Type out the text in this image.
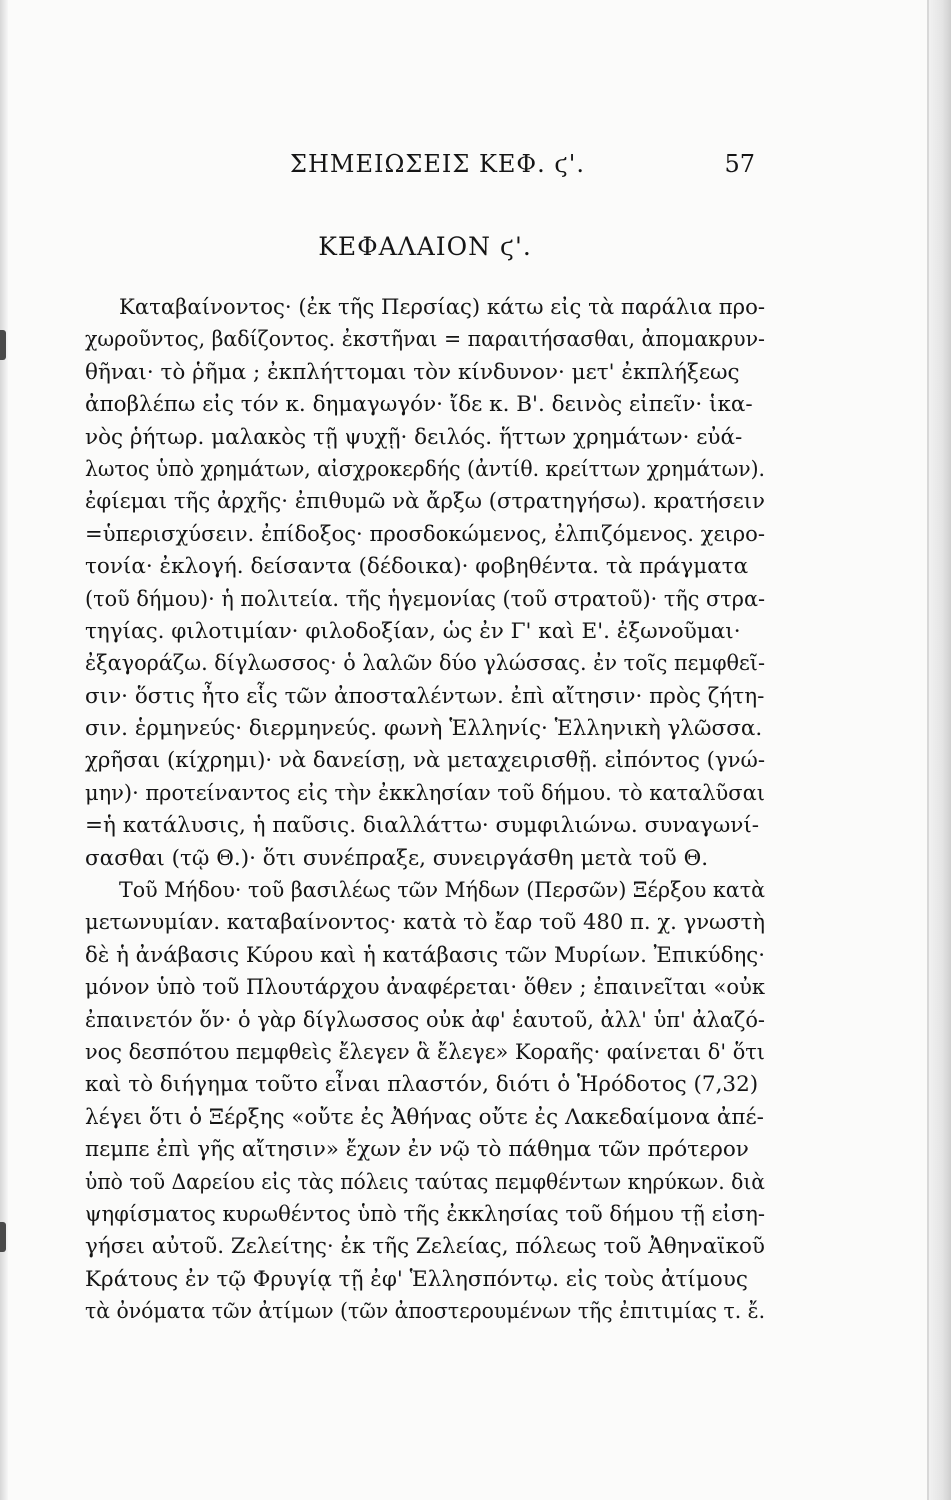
ΣΗΜΕΙΩΣΕΙΣ ΚΕΦ. ϛ'.	57
ΚΕΦΑΛΑΙΟΝ ϛ'.
Καταβαίνοντος· (ἐκ τῆς Περσίας) κάτω εἰς τὰ παράλια προ-
χωροῦντος, βαδίζοντος. ἐκστῆναι = παραιτήσασθαι, ἀπομακρυν-
θῆναι· τὸ ῥῆμα ; ἐκπλήττομαι τὸν κίνδυνον· μετ' ἐκπλήξεως
ἀποβλέπω εἰς τόν κ. δημαγωγόν· ἴδε κ. Β'. δεινὸς εἰπεῖν· ἱκα-
νὸς ῥήτωρ. μαλακὸς τῇ ψυχῇ· δειλός. ἥττων χρημάτων· εὐά-
λωτος ὑπὸ χρημάτων, αἰσχροκερδής (ἀντίθ. κρείττων χρημάτων).
ἐφίεμαι τῆς ἀρχῆς· ἐπιθυμῶ νὰ ἄρξω (στρατηγήσω). κρατήσειν
=ὑπερισχύσειν. ἐπίδοξος· προσδοκώμενος, ἐλπιζόμενος. χειρο-
τονία· ἐκλογή. δείσαντα (δέδοικα)· φοβηθέντα. τὰ πράγματα
(τοῦ δήμου)· ἡ πολιτεία. τῆς ἡγεμονίας (τοῦ στρατοῦ)· τῆς στρα-
τηγίας. φιλοτιμίαν· φιλοδοξίαν, ὡς ἐν Γ' καὶ Ε'. ἐξωνοῦμαι·
ἐξαγοράζω. δίγλωσσος· ὁ λαλῶν δύο γλώσσας. ἐν τοῖς πεμφθεῖ-
σιν· ὅστις ἦτο εἷς τῶν ἀποσταλέντων. ἐπὶ αἴτησιν· πρὸς ζήτη-
σιν. ἑρμηνεύς· διερμηνεύς. φωνὴ Ἑλληνίς· Ἑλληνικὴ γλῶσσα.
χρῆσαι (κίχρημι)· νὰ δανείσῃ, νὰ μεταχειρισθῇ. εἰπόντος (γνώ-
μην)· προτείναντος εἰς τὴν ἐκκλησίαν τοῦ δήμου. τὸ καταλῦσαι
=ἡ κατάλυσις, ἡ παῦσις. διαλλάττω· συμφιλιώνω. συναγωνί-
σασθαι (τῷ Θ.)· ὅτι συνέπραξε, συνειργάσθη μετὰ τοῦ Θ.
Τοῦ Μήδου· τοῦ βασιλέως τῶν Μήδων (Περσῶν) Ξέρξου κατὰ
μετωνυμίαν. καταβαίνοντος· κατὰ τὸ ἔαρ τοῦ 480 π. χ. γνωστὴ
δὲ ἡ ἀνάβασις Κύρου καὶ ἡ κατάβασις τῶν Μυρίων. Ἐπικύδης·
μόνον ὑπὸ τοῦ Πλουτάρχου ἀναφέρεται· ὅθεν ; ἐπαινεῖται «οὐκ
ἐπαινετόν ὅν· ὁ γὰρ δίγλωσσος οὐκ ἀφ' ἑαυτοῦ, ἀλλ' ὑπ' ἀλαζό-
νος δεσπότου πεμφθεὶς ἔλεγεν ἃ ἔλεγε» Κοραῆς· φαίνεται δ' ὅτι
καὶ τὸ διήγημα τοῦτο εἶναι πλαστόν, διότι ὁ Ἡρόδοτος (7,32)
λέγει ὅτι ὁ Ξέρξης «οὔτε ἐς Ἀθήνας οὔτε ἐς Λακεδαίμονα ἀπέ-
πεμπε ἐπὶ γῆς αἴτησιν» ἔχων ἐν νῷ τὸ πάθημα τῶν πρότερον
ὑπὸ τοῦ Δαρείου εἰς τὰς πόλεις ταύτας πεμφθέντων κηρύκων. διὰ
ψηφίσματος κυρωθέντος ὑπὸ τῆς ἐκκλησίας τοῦ δήμου τῇ εἰση-
γήσει αὐτοῦ. Ζελείτης· ἐκ τῆς Ζελείας, πόλεως τοῦ Ἀθηναϊκοῦ
Κράτους ἐν τῷ Φρυγίᾳ τῇ ἐφ' Ἑλλησπόντῳ. εἰς τοὺς ἀτίμους
τὰ ὀνόματα τῶν ἀτίμων (τῶν ἀποστερουμένων τῆς ἐπιτιμίας τ. ἔ.
